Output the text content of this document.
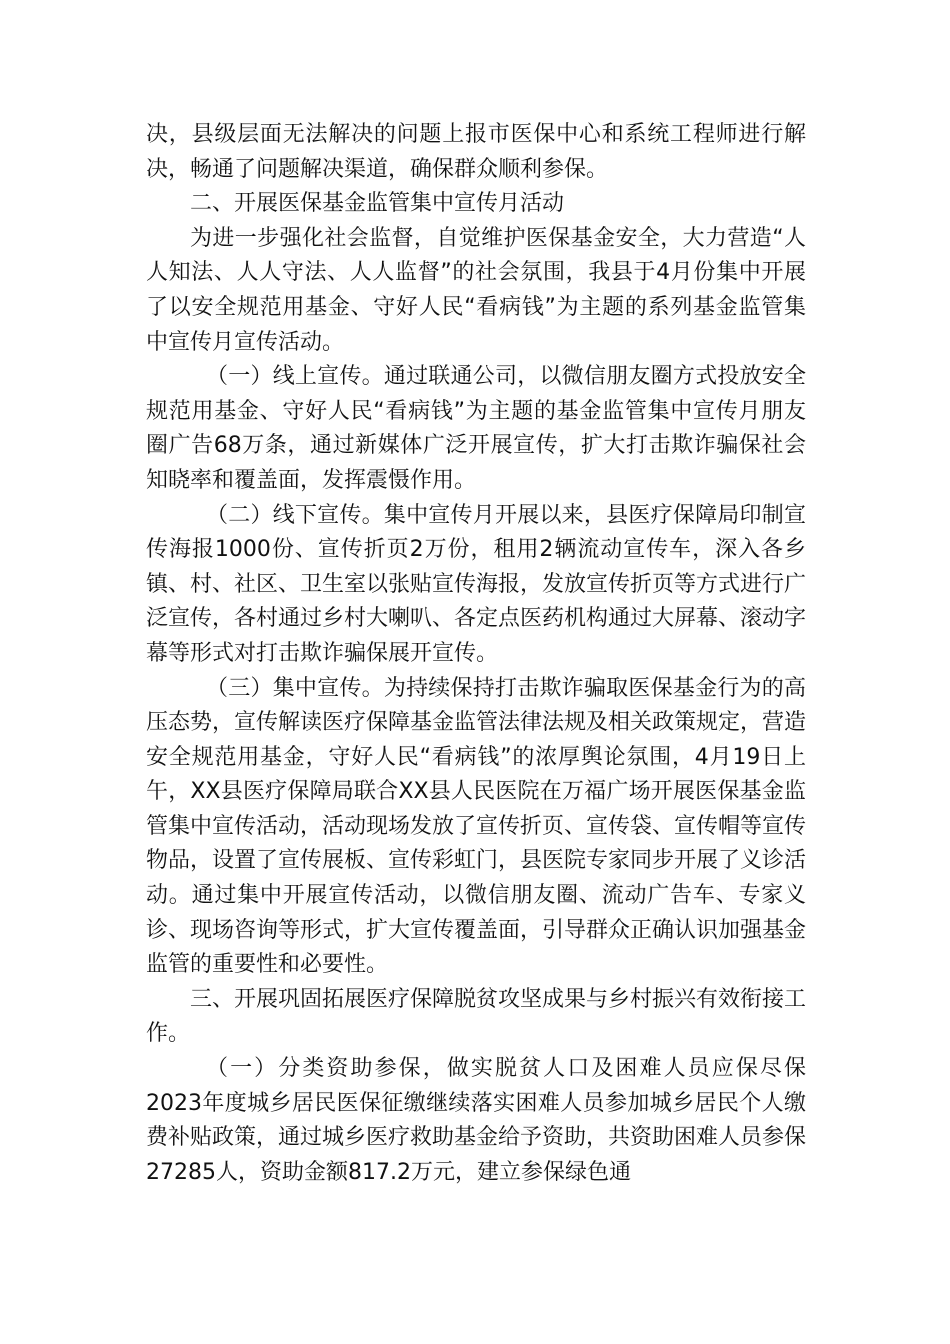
决，县级层面无法解决的问题上报市医保中心和系统工程师进行解决，畅通了问题解决渠道，确保群众顺利参保。

二、开展医保基金监管集中宣传月活动

为进一步强化社会监督，自觉维护医保基金安全，大力营造“人人知法、人人守法、人人监督”的社会氛围，我县于4月份集中开展了以安全规范用基金、守好人民“看病钱”为主题的系列基金监管集中宣传月宣传活动。

（一）线上宣传。通过联通公司，以微信朋友圈方式投放安全规范用基金、守好人民“看病钱”为主题的基金监管集中宣传月朋友圈广告68万条，通过新媒体广泛开展宣传，扩大打击欺诈骗保社会知晓率和覆盖面，发挥震慑作用。

（二）线下宣传。集中宣传月开展以来，县医疗保障局印制宣传海报1000份、宣传折页2万份，租用2辆流动宣传车，深入各乡镇、村、社区、卫生室以张贴宣传海报，发放宣传折页等方式进行广泛宣传，各村通过乡村大喇叭、各定点医药机构通过大屏幕、滚动字幕等形式对打击欺诈骗保展开宣传。

（三）集中宣传。为持续保持打击欺诈骗取医保基金行为的高压态势，宣传解读医疗保障基金监管法律法规及相关政策规定，营造安全规范用基金，守好人民“看病钱”的浓厚舆论氛围，4月19日上午，XX县医疗保障局联合XX县人民医院在万福广场开展医保基金监管集中宣传活动，活动现场发放了宣传折页、宣传袋、宣传帽等宣传物品，设置了宣传展板、宣传彩虹门，县医院专家同步开展了义诊活动。通过集中开展宣传活动，以微信朋友圈、流动广告车、专家义诊、现场咨询等形式，扩大宣传覆盖面，引导群众正确认识加强基金监管的重要性和必要性。

三、开展巩固拓展医疗保障脱贫攻坚成果与乡村振兴有效衔接工作。

（一）分类资助参保，做实脱贫人口及困难人员应保尽保2023年度城乡居民医保征缴继续落实困难人员参加城乡居民个人缴费补贴政策，通过城乡医疗救助基金给予资助，共资助困难人员参保27285人，资助金额817.2万元，建立参保绿色通
